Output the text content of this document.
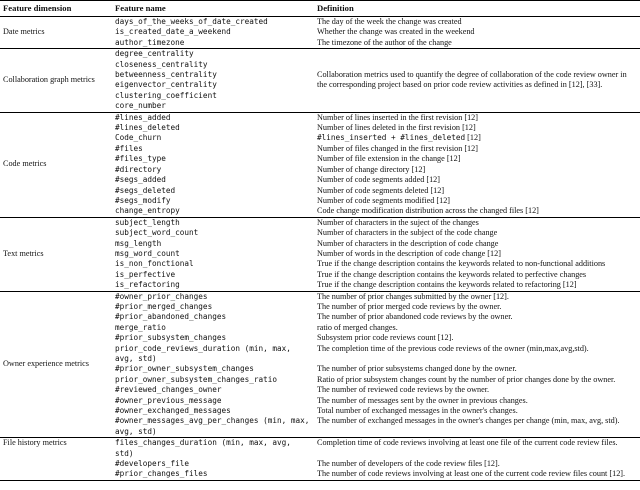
Feature dimension	Feature name	Definition
Date metrics	days_of_the_weeks_of_date_created	The day of the week the change was created
	is_created_date_a_weekend	Whether the change was created in the weekend
	author_timezone	The timezone of the author of the change
Collaboration graph metrics	degree_centrality	Collaboration metrics used to quantify the degree of collaboration of the code review owner in the corresponding project based on prior code review activities as defined in [12], [33].
	closeness_centrality	
	betweenness_centrality	
	eigenvector_centrality	
	clustering_coefficient	
	core_number	
Code metrics	#lines_added	Number of lines inserted in the first revision [12]
	#lines_deleted	Number of lines deleted in the first revision [12]
	Code_churn	#lines_inserted + #lines_deleted [12]
	#files	Number of files changed in the first revision [12]
	#files_type	Number of file extension in the change [12]
	#directory	Number of change directory [12]
	#segs_added	Number of code segments added [12]
	#segs_deleted	Number of code segments deleted [12]
	#segs_modify	Number of code segments modified [12]
	change_entropy	Code change modification distribution across the changed files [12]
Text metrics	subject_length	Number of characters in the suject of the changes
	subject_word_count	Number of characters in the subject of the code change
	msg_length	Number of characters in the description of code change
	msg_word_count	Number of words in the description of code change [12]
	is_non_fonctional	True if the change description contains the keywords related to non-functional additions
	is_perfective	True if the change description contains the keywords related to perfective changes
	is_refactoring	True if the change description contains the keywords related to refactoring [12]
Owner experience metrics	#owner_prior_changes	The number of prior changes submitted by the owner [12].
	#prior_merged_changes	The number of prior merged code reviews by the owner.
	#prior_abandoned_changes	The number of prior abandoned code reviews by the owner.
	merge_ratio	ratio of merged changes.
	#prior_subsystem_changes	Subsystem prior code reviews count [12].
	prior_code_reviews_duration (min, max, avg, std)	The completion time of the previous code reviews of the owner (min,max,avg,std).
	#prior_owner_subsystem_changes	The number of prior subsystems changed done by the owner.
	prior_owner_subsystem_changes_ratio	Ratio of prior subsystem changes count by the number of prior changes done by the owner.
	#reviewed_changes_owner	The number of reviewed code reviews by the owner.
	#owner_previous_message	The number of messages sent by the owner in previous changes.
	#owner_exchanged_messages	Total number of exchanged messages in the owner's changes.
	#owner_messages_avg_per_changes (min, max, avg, std)	The number of exchanged messages in the owner's changes per change (min, max, avg, std).
File history metrics	files_changes_duration (min, max, avg, std)	Completion time of code reviews involving at least one file of the current code review files.
	#developers_file	The number of developers of the code review files [12].
	#prior_changes_files	The number of code reviews involving at least one of the current code review files count [12].
